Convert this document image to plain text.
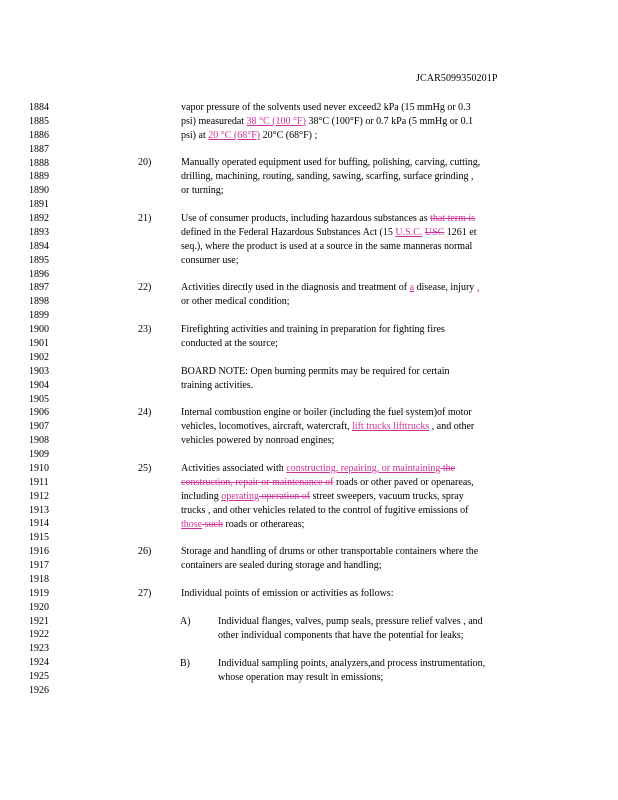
JCAR5099350201P
1884
1885
1886
1887
1888
1889
1890
1891
1892
1893
1894
1895
1896
1897
1898
1899
1900
1901
1902
1903
1904
1905
1906
1907
1908
1909
1910
1911
1912
1913
1914
1915
1916
1917
1918
1919
1920
1921
1922
1923
1924
1925
1926
vapor pressure of the solvents used never exceed2 kPa (15 mmHg or 0.3
psi) measuredat 38 °C (100 °F) 38°C (100°F) or 0.7 kPa (5 mmHg or 0.1
psi) at 20 °C (68°F) 20°C (68°F) ;
20)	Manually operated equipment used for buffing, polishing, carving, cutting,
drilling, machining, routing, sanding, sawing, scarfing, surface grinding ,
or turning;
21)	Use of consumer products, including hazardous substances as that term is
defined in the Federal Hazardous Substances Act (15 U.S.C. USC 1261 et
seq.), where the product is used at a source in the same manneras normal
consumer use;
22)	Activities directly used in the diagnosis and treatment of a disease, injury ,
or other medical condition;
23)	Firefighting activities and training in preparation for fighting fires
conducted at the source;
BOARD NOTE: Open burning permits may be required for certain
training activities.
24)	Internal combustion engine or boiler (including the fuel system)of motor
vehicles, locomotives, aircraft, watercraft, lift trucks lifttrucks , and other
vehicles powered by nonroad engines;
25)	Activities associated with constructing, repairing, or maintaining the
construction, repair or maintenance of roads or other paved or openareas,
including operating operation of street sweepers, vacuum trucks, spray
trucks , and other vehicles related to the control of fugitive emissions of
those such roads or otherareas;
26)	Storage and handling of drums or other transportable containers where the
containers are sealed during storage and handling;
27)	Individual points of emission or activities as follows:
A)	Individual flanges, valves, pump seals, pressure relief valves , and
other individual components that have the potential for leaks;
B)	Individual sampling points, analyzers,and process instrumentation,
whose operation may result in emissions;
